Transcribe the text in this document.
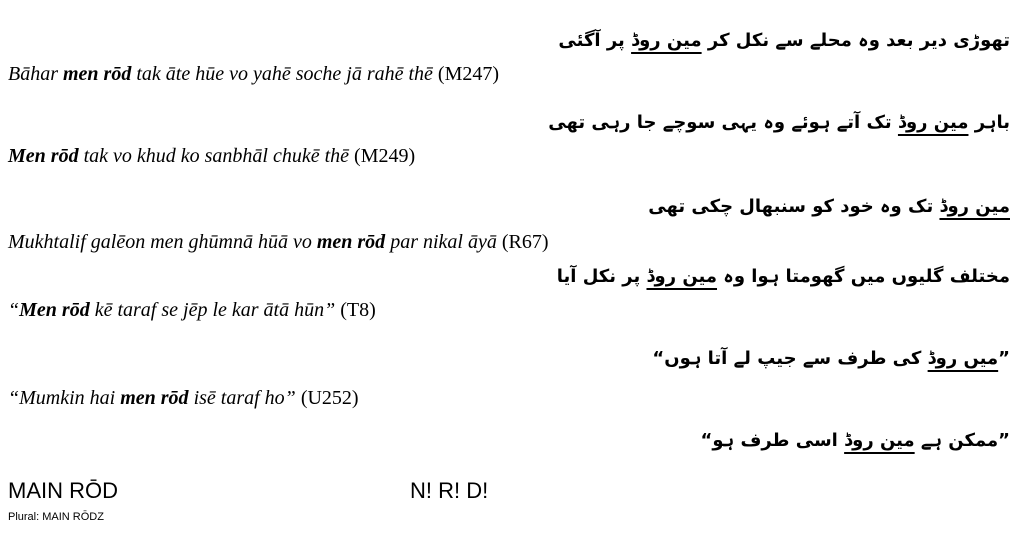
تھوڑی دیر بعد وہ محلے سے نکل کر مین روڈ پر آگئی
Bāhar men rōd tak āte hūe vo yahē soche jā rahē thē (M247)
باہر مین روڈ تک آتے ہوئے وہ یہی سوچے جا رہی تھی
Men rōd tak vo khud ko sanbhāl chukē thē (M249)
مین روڈ تک وہ خود کو سنبھال چکی تھی
Mukhtalif galēon men ghūmnā hūā vo men rōd par nikal āyā (R67)
مختلف گلیوں میں گھومتا ہوا وہ مین روڈ پر نکل آیا
“Men rōd kē taraf se jēp le kar ātā hūn” (T8)
”میں روڈ کی طرف سے جیپ لے آتا ہوں“
“Mumkin hai men rōd isē taraf ho” (U252)
”ممکن ہے مین روڈ اسی طرف ہو“
MAIN RŌD
Plural: MAIN RŌDZ
N! R! D!
